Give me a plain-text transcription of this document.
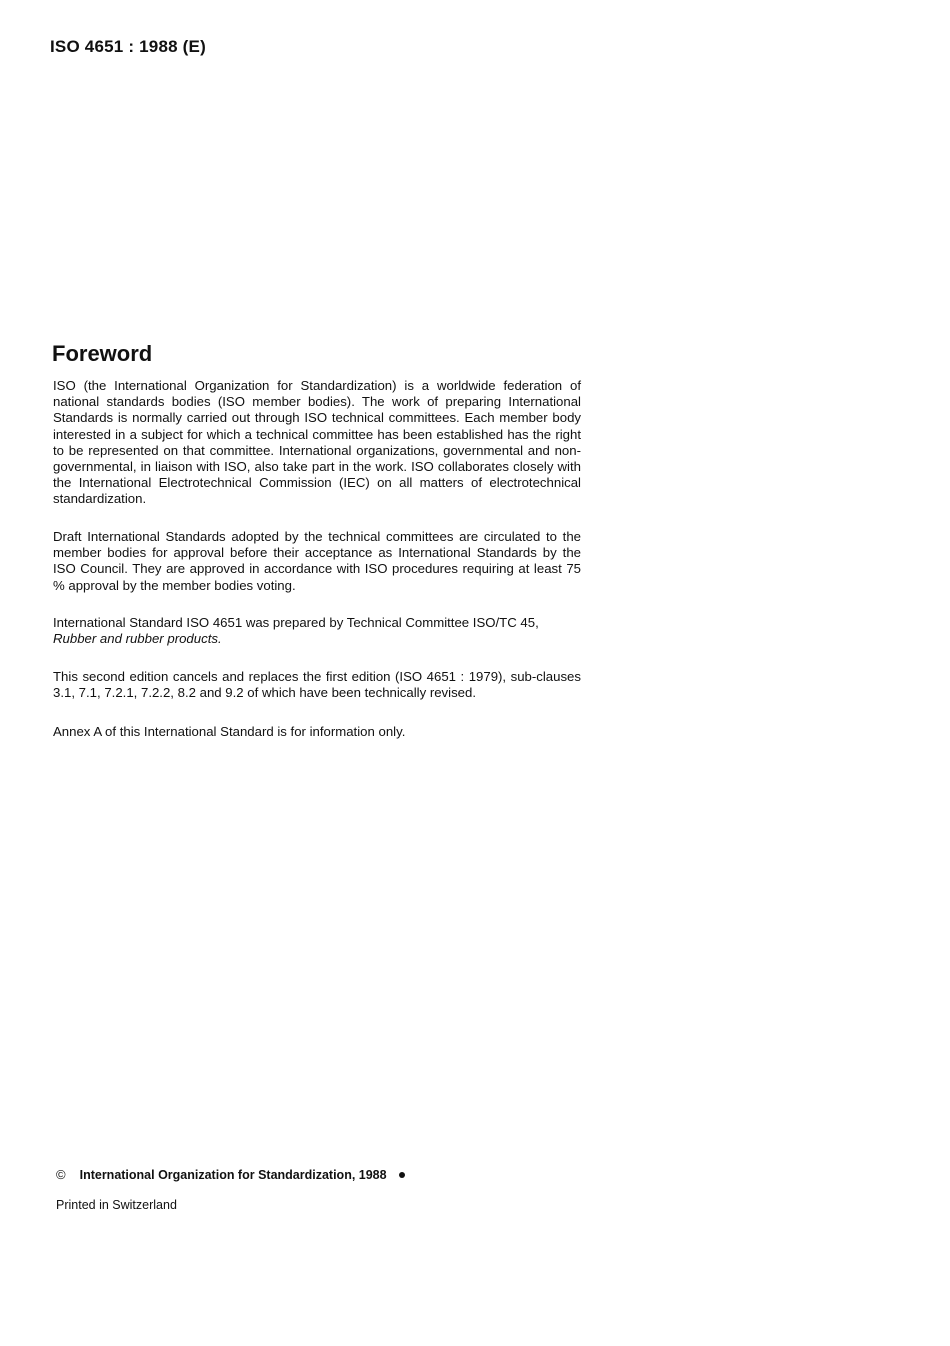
ISO 4651 : 1988 (E)
Foreword

ISO (the International Organization for Standardization) is a worldwide federation of national standards bodies (ISO member bodies). The work of preparing International Standards is normally carried out through ISO technical committees. Each member body interested in a subject for which a technical committee has been established has the right to be represented on that committee. International organizations, governmental and non-governmental, in liaison with ISO, also take part in the work. ISO collaborates closely with the International Electrotechnical Commission (IEC) on all matters of electrotechnical standardization.

Draft International Standards adopted by the technical committees are circulated to the member bodies for approval before their acceptance as International Standards by the ISO Council. They are approved in accordance with ISO procedures requiring at least 75 % approval by the member bodies voting.

International Standard ISO 4651 was prepared by Technical Committee ISO/TC 45,
Rubber and rubber products.

This second edition cancels and replaces the first edition (ISO 4651 : 1979), sub-clauses 3.1, 7.1, 7.2.1, 7.2.2, 8.2 and 9.2 of which have been technically revised.

Annex A of this International Standard is for information only.

© International Organization for Standardization, 1988
Printed in Switzerland
